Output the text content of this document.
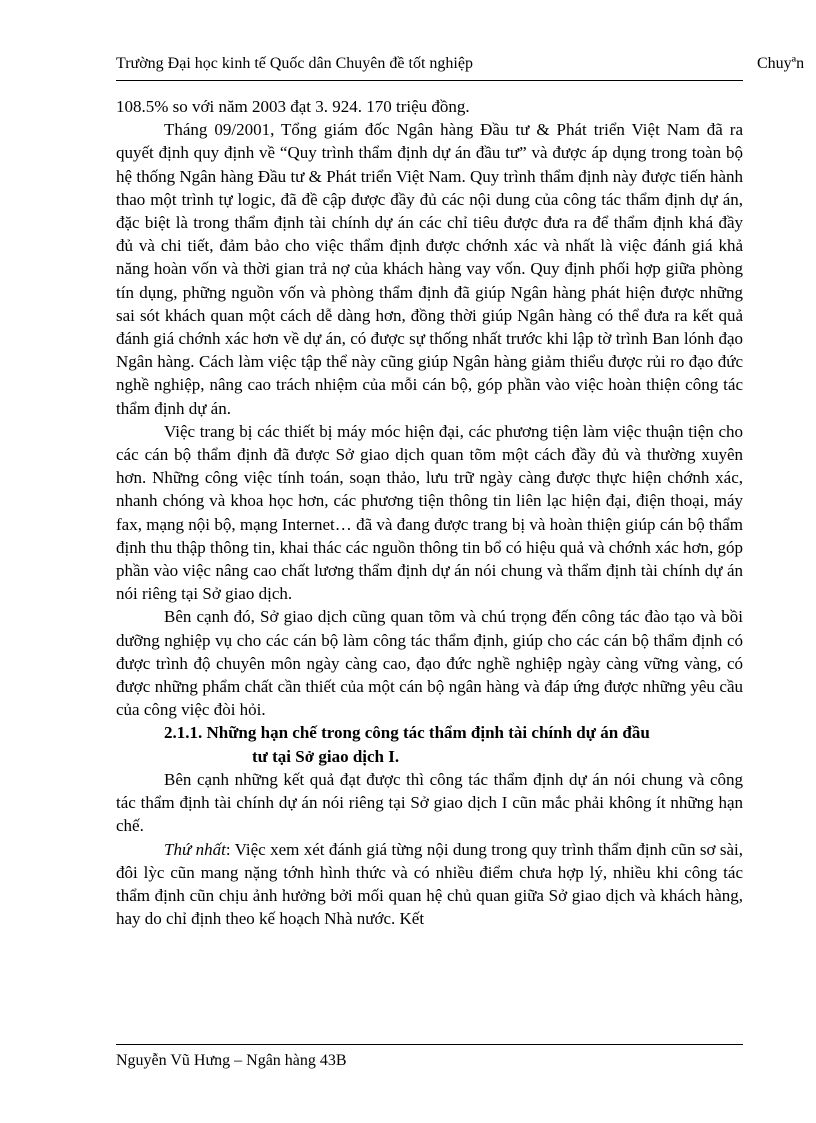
Trường Đại học kinh tế Quốc dân Chuyên đề tốt nghiệp	Chuyªn

108.5% so với năm 2003 đạt 3. 924. 170 triệu đồng.

Tháng 09/2001, Tổng giám đốc Ngân hàng Đầu tư & Phát triển Việt Nam đã ra quyết định quy định về “Quy trình thẩm định dự án đầu tư” và được áp dụng trong toàn bộ hệ thống Ngân hàng Đầu tư & Phát triển Việt Nam. Quy trình thẩm định này được tiến hành thao một trình tự logic, đã đề cập được đầy đủ các nội dung của công tác thẩm định dự án, đặc biệt là trong thẩm định tài chính dự án các chỉ tiêu được đưa ra để thẩm định khá đầy đủ và chi tiết, đảm bảo cho việc thẩm định được chớnh xác và nhất là việc đánh giá khả năng hoàn vốn và thời gian trả nợ của khách hàng vay vốn. Quy định phối hợp giữa phòng tín dụng, phững nguồn vốn và phòng thẩm định đã giúp Ngân hàng phát hiện được những sai sót khách quan một cách dễ dàng hơn, đồng thời giúp Ngân hàng có thể đưa ra kết quả đánh giá chớnh xác hơn về dự án, có được sự thống nhất trước khi lập tờ trình Ban lónh đạo Ngân hàng. Cách làm việc tập thể này cũng giúp Ngân hàng giảm thiểu được rủi ro đạo đức nghề nghiệp, nâng cao trách nhiệm của mỗi cán bộ, góp phần vào việc hoàn thiện công tác thẩm định dự án.

Việc trang bị các thiết bị máy móc hiện đại, các phương tiện làm việc thuận tiện cho các cán bộ thẩm định đã được Sở giao dịch quan tõm một cách đầy đủ và thường xuyên hơn. Những công việc tính toán, soạn thảo, lưu trữ ngày càng được thực hiện chớnh xác, nhanh chóng và khoa học hơn, các phương tiện thông tin liên lạc hiện đại, điện thoại, máy fax, mạng nội bộ, mạng Internet… đã và đang được trang bị và hoàn thiện giúp cán bộ thẩm định thu thập thông tin, khai thác các nguồn thông tin bổ có hiệu quả và chớnh xác hơn, góp phần vào việc nâng cao chất lương thẩm định dự án nói chung và thẩm định tài chính dự án nói riêng tại Sở giao dịch.

Bên cạnh đó, Sở giao dịch cũng quan tõm và chú trọng đến công tác đào tạo và bồi dưỡng nghiệp vụ cho các cán bộ làm công tác thẩm định, giúp cho các cán bộ thẩm định có được trình độ chuyên môn ngày càng cao, đạo đức nghề nghiệp ngày càng vững vàng, có được những phẩm chất cần thiết của một cán bộ ngân hàng và đáp ứng được những yêu cầu của công việc đòi hỏi.

2.1.1. Những hạn chế trong công tác thẩm định tài chính dự án đầu
tư tại Sở giao dịch I.

Bên cạnh những kết quả đạt được thì công tác thẩm định dự án nói chung và công tác thẩm định tài chính dự án nói riêng tại Sở giao dịch I cũn mắc phải không ít những hạn chế.

Thứ nhất: Việc xem xét đánh giá từng nội dung trong quy trình thẩm định cũn sơ sài, đôi lỳc cũn mang nặng tớnh hình thức và có nhiều điểm chưa hợp lý, nhiều khi công tác thẩm định cũn chịu ảnh hưởng bởi mối quan hệ chủ quan giữa Sở giao dịch và khách hàng, hay do chỉ định theo kế hoạch Nhà nước. Kết

Nguyễn Vũ Hưng – Ngân hàng 43B
